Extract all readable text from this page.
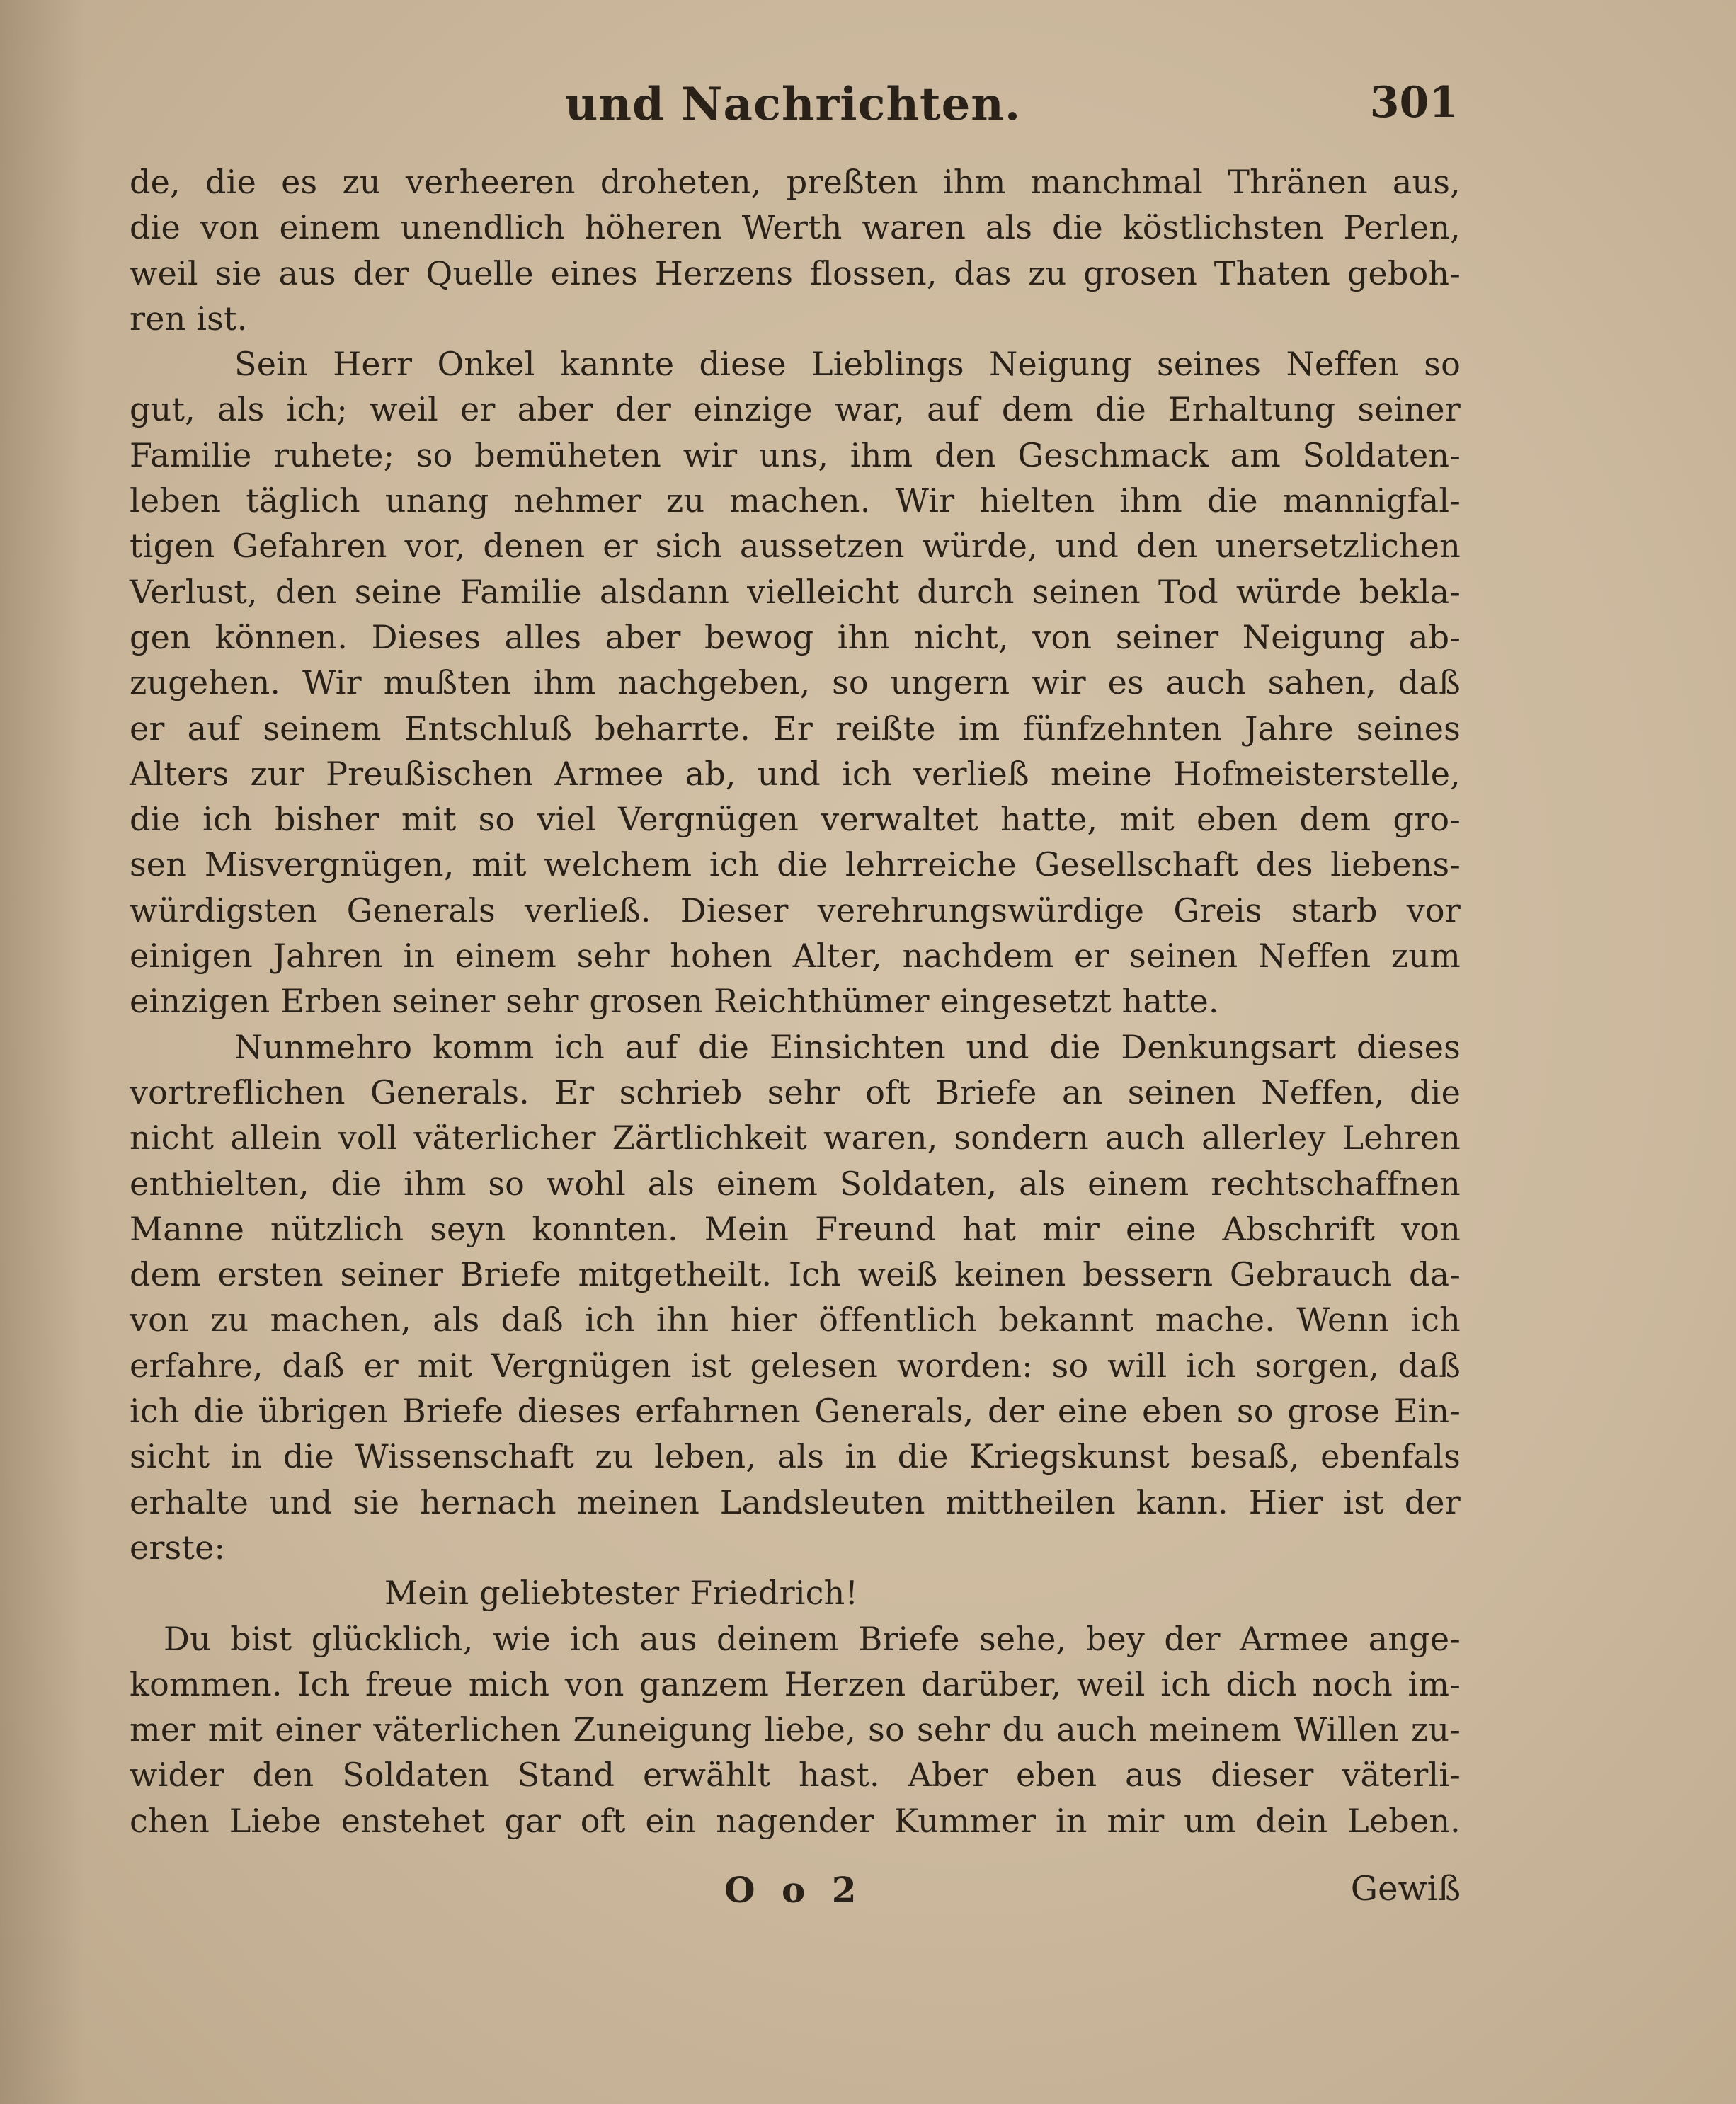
und Nachrichten.	301
de, die es zu verheeren droheten, preßten ihm manchmal Thränen aus,
die von einem unendlich höheren Werth waren als die köstlichsten Perlen,
weil sie aus der Quelle eines Herzens flossen, das zu grosen Thaten geboh-
ren ist.
Sein Herr Onkel kannte diese Lieblings Neigung seines Neffen so
gut, als ich; weil er aber der einzige war, auf dem die Erhaltung seiner
Familie ruhete; so bemüheten wir uns, ihm den Geschmack am Soldaten-
leben täglich unang nehmer zu machen. Wir hielten ihm die mannigfal-
tigen Gefahren vor, denen er sich aussetzen würde, und den unersetzlichen
Verlust, den seine Familie alsdann vielleicht durch seinen Tod würde bekla-
gen können. Dieses alles aber bewog ihn nicht, von seiner Neigung ab-
zugehen. Wir mußten ihm nachgeben, so ungern wir es auch sahen, daß
er auf seinem Entschluß beharrte. Er reißte im fünfzehnten Jahre seines
Alters zur Preußischen Armee ab, und ich verließ meine Hofmeisterstelle,
die ich bisher mit so viel Vergnügen verwaltet hatte, mit eben dem gro-
sen Misvergnügen, mit welchem ich die lehrreiche Gesellschaft des liebens-
würdigsten Generals verließ. Dieser verehrungswürdige Greis starb vor
einigen Jahren in einem sehr hohen Alter, nachdem er seinen Neffen zum
einzigen Erben seiner sehr grosen Reichthümer eingesetzt hatte.
Nunmehro komm ich auf die Einsichten und die Denkungsart dieses
vortreflichen Generals. Er schrieb sehr oft Briefe an seinen Neffen, die
nicht allein voll väterlicher Zärtlichkeit waren, sondern auch allerley Lehren
enthielten, die ihm so wohl als einem Soldaten, als einem rechtschaffnen
Manne nützlich seyn konnten. Mein Freund hat mir eine Abschrift von
dem ersten seiner Briefe mitgetheilt. Ich weiß keinen bessern Gebrauch da-
von zu machen, als daß ich ihn hier öffentlich bekannt mache. Wenn ich
erfahre, daß er mit Vergnügen ist gelesen worden: so will ich sorgen, daß
ich die übrigen Briefe dieses erfahrnen Generals, der eine eben so grose Ein-
sicht in die Wissenschaft zu leben, als in die Kriegskunst besaß, ebenfals
erhalte und sie hernach meinen Landsleuten mittheilen kann. Hier ist der
erste:
Mein geliebtester Friedrich!
Du bist glücklich, wie ich aus deinem Briefe sehe, bey der Armee ange-
kommen. Ich freue mich von ganzem Herzen darüber, weil ich dich noch im-
mer mit einer väterlichen Zuneigung liebe, so sehr du auch meinem Willen zu-
wider den Soldaten Stand erwählt hast. Aber eben aus dieser väterli-
chen Liebe enstehet gar oft ein nagender Kummer in mir um dein Leben.
O o 2	Gewiß
